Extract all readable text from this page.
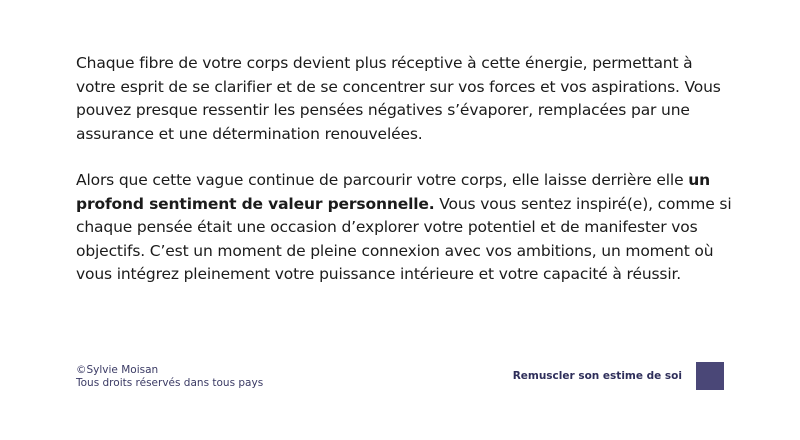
Chaque fibre de votre corps devient plus réceptive à cette énergie, permettant à votre esprit de se clarifier et de se concentrer sur vos forces et vos aspirations. Vous pouvez presque ressentir les pensées négatives s’évaporer, remplacées par une assurance et une détermination renouvelées.

Alors que cette vague continue de parcourir votre corps, elle laisse derrière elle un profond sentiment de valeur personnelle. Vous vous sentez inspiré(e), comme si chaque pensée était une occasion d’explorer votre potentiel et de manifester vos objectifs. C’est un moment de pleine connexion avec vos ambitions, un moment où vous intégrez pleinement votre puissance intérieure et votre capacité à réussir.

©Sylvie Moisan
Tous droits réservés dans tous pays
Remuscler son estime de soi
